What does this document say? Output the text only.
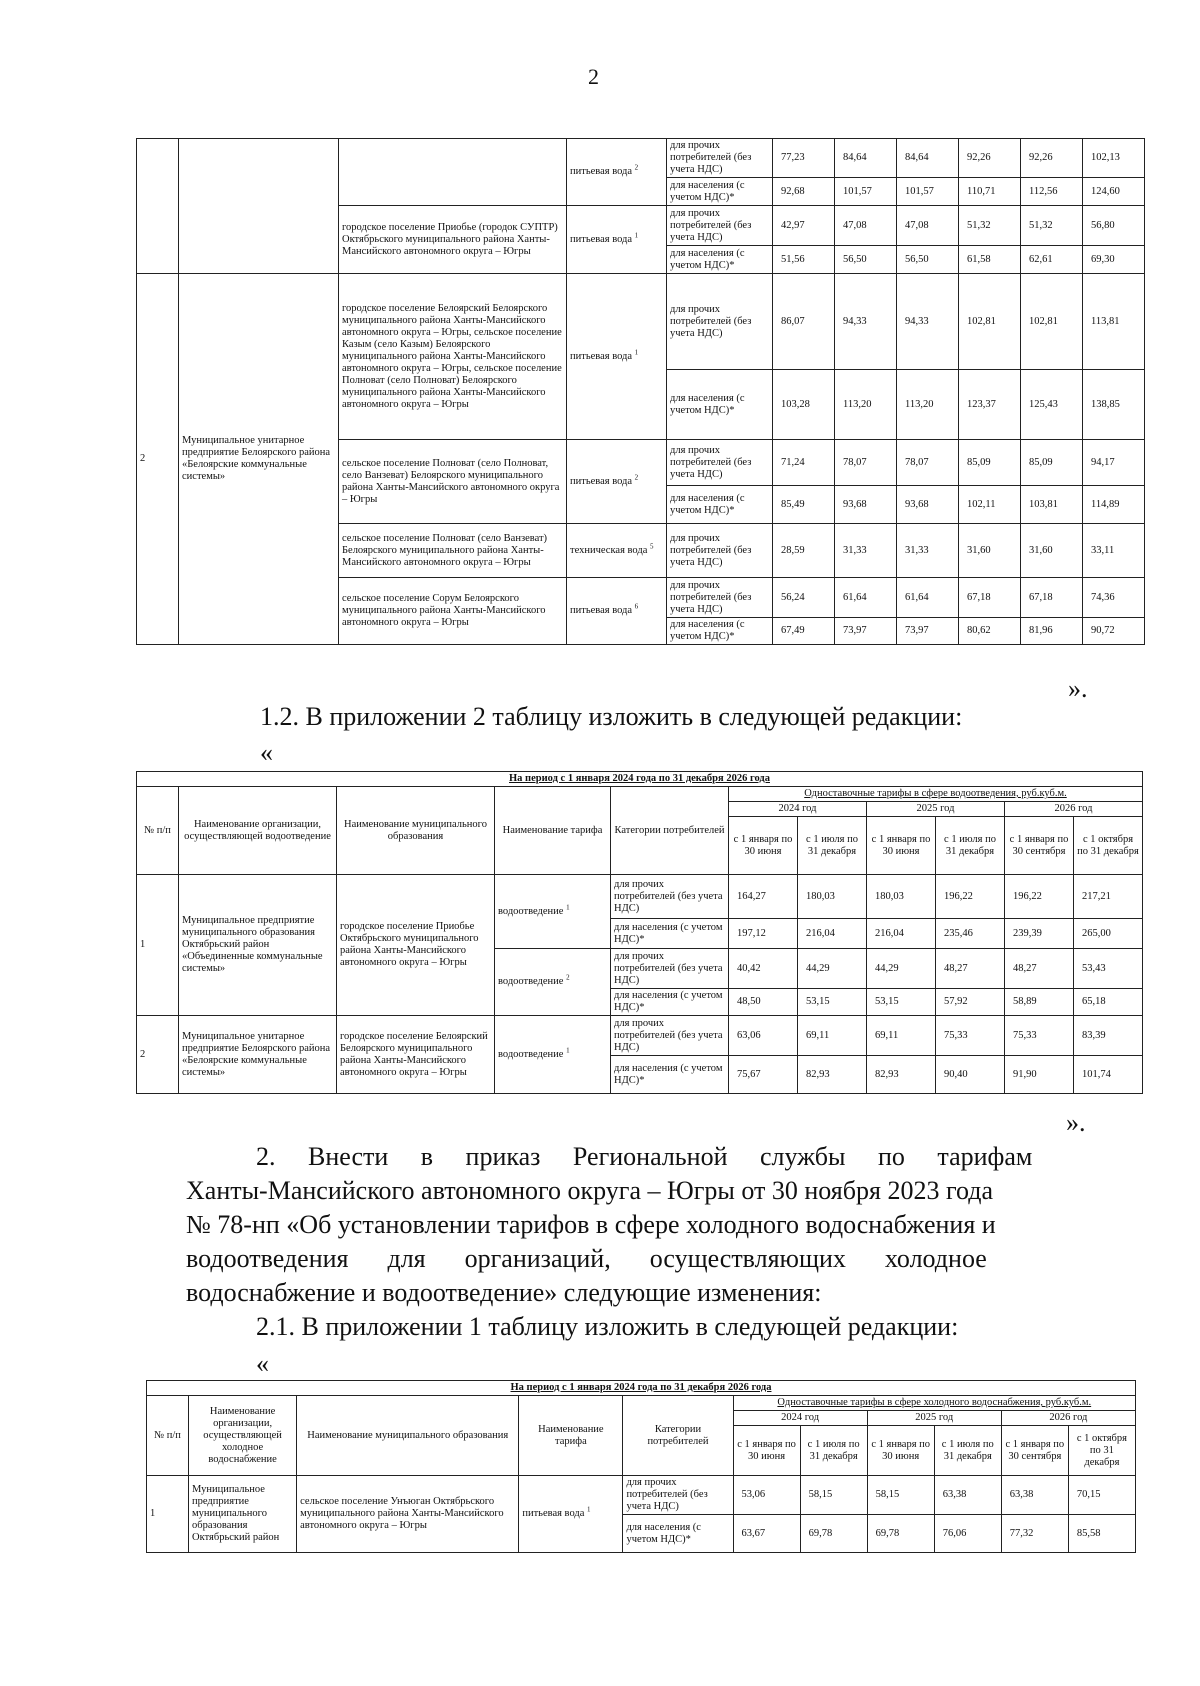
2
			питьевая вода $^2$	для прочих потребителей (без учета НДС)	77,23	84,64	84,64	92,26	92,26	102,13
				для населения (с учетом НДС)*	92,68	101,57	101,57	110,71	112,56	124,60
		городское поселение Приобье (городок СУПТР) Октябрьского муниципального района Ханты-Мансийского автономного округа – Югры	питьевая вода $^1$	для прочих потребителей (без учета НДС)	42,97	47,08	47,08	51,32	51,32	56,80
				для населения (с учетом НДС)*	51,56	56,50	56,50	61,58	62,61	69,30
2	Муниципальное унитарное предприятие Белоярского района «Белоярские коммунальные системы»	городское поселение Белоярский Белоярского муниципального района Ханты-Мансийского автономного округа – Югры, сельское поселение Казым (село Казым) Белоярского муниципального района Ханты-Мансийского автономного округа – Югры, сельское поселение Полноват (село Полноват) Белоярского муниципального района Ханты-Мансийского автономного округа – Югры	питьевая вода $^1$	для прочих потребителей (без учета НДС)	86,07	94,33	94,33	102,81	102,81	113,81
				для населения (с учетом НДС)*	103,28	113,20	113,20	123,37	125,43	138,85
		сельское поселение Полноват (село Полноват, село Ванзеват) Белоярского муниципального района Ханты-Мансийского автономного округа – Югры	питьевая вода $^2$	для прочих потребителей (без учета НДС)	71,24	78,07	78,07	85,09	85,09	94,17
				для населения (с учетом НДС)*	85,49	93,68	93,68	102,11	103,81	114,89
		сельское поселение Полноват (село Ванзеват) Белоярского муниципального района Ханты-Мансийского автономного округа – Югры	техническая вода $^5$	для прочих потребителей (без учета НДС)	28,59	31,33	31,33	31,60	31,60	33,11
		сельское поселение Сорум Белоярского муниципального района Ханты-Мансийского автономного округа – Югры	питьевая вода $^6$	для прочих потребителей (без учета НДС)	56,24	61,64	61,64	67,18	67,18	74,36
				для населения (с учетом НДС)*	67,49	73,97	73,97	80,62	81,96	90,72
».
1.2. В приложении 2 таблицу изложить в следующей редакции:
«
На период с 1 января 2024 года по 31 декабря 2026 года										
№ п/п	Наименование организации, осуществляющей водоотведение	Наименование муниципального образования	Наименование тарифа	Категории потребителей	Одноставочные тарифы в сфере водоотведения, руб.куб.м.					
					2024 год		2025 год		2026 год	
					с 1 января по 30 июня	с 1 июля по 31 декабря	с 1 января по 30 июня	с 1 июля по 31 декабря	с 1 января по 30 сентября	с 1 октября по 31 декабря
1	Муниципальное предприятие муниципального образования Октябрьский район «Объединенные коммунальные системы»	городское поселение Приобье Октябрьского муниципального района Ханты-Мансийского автономного округа – Югры	водоотведение $^1$	для прочих потребителей (без учета НДС)	164,27	180,03	180,03	196,22	196,22	217,21
				для населения (с учетом НДС)*	197,12	216,04	216,04	235,46	239,39	265,00
			водоотведение $^2$	для прочих потребителей (без учета НДС)	40,42	44,29	44,29	48,27	48,27	53,43
				для населения (с учетом НДС)*	48,50	53,15	53,15	57,92	58,89	65,18
2	Муниципальное унитарное предприятие Белоярского района «Белоярские коммунальные системы»	городское поселение Белоярский Белоярского муниципального района Ханты-Мансийского автономного округа – Югры	водоотведение $^1$	для прочих потребителей (без учета НДС)	63,06	69,11	69,11	75,33	75,33	83,39
				для населения (с учетом НДС)*	75,67	82,93	82,93	90,40	91,90	101,74
».
2.     Внести     в     приказ     Региональной     службы     по     тарифам
Ханты-Мансийского автономного округа – Югры от 30 ноября 2023 года
№ 78-нп «Об установлении тарифов в сфере холодного водоснабжения и
водоотведения      для      организаций,      осуществляющих      холодное
водоснабжение и водоотведение» следующие изменения:
2.1. В приложении 1 таблицу изложить в следующей редакции:
«
На период с 1 января 2024 года по 31 декабря 2026 года										
№ п/п	Наименование организации, осуществляющей холодное водоснабжение	Наименование муниципального образования	Наименование тарифа	Категории потребителей	Одноставочные тарифы в сфере холодного водоснабжения, руб.куб.м.					
					2024 год		2025 год		2026 год	
					с 1 января по 30 июня	с 1 июля по 31 декабря	с 1 января по 30 июня	с 1 июля по 31 декабря	с 1 января по 30 сентября	с 1 октября по 31 декабря
1	Муниципальное предприятие муниципального образования Октябрьский район	сельское поселение Унъюган Октябрьского муниципального района Ханты-Мансийского автономного округа – Югры	питьевая вода $^1$	для прочих потребителей (без учета НДС)	53,06	58,15	58,15	63,38	63,38	70,15
				для населения (с учетом НДС)*	63,67	69,78	69,78	76,06	77,32	85,58
